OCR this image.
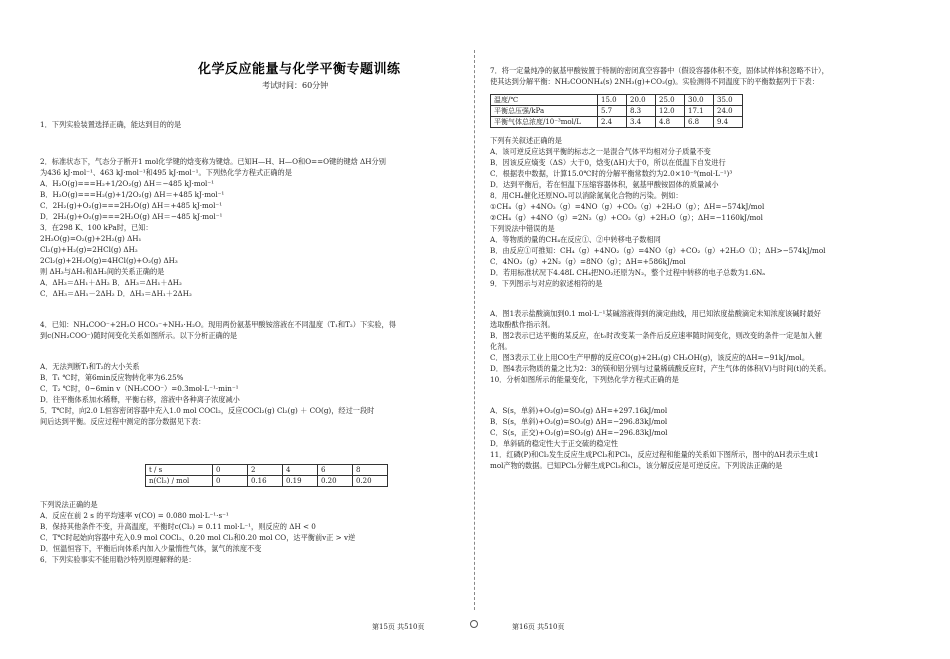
化学反应能量与化学平衡专题训练
考试时间：60分钟
1．下列实验装置选择正确，能达到目的的是
2．标准状态下，气态分子断开1 mol化学键的焓变称为键焓。已知H—H、H—O和O==O键的键焓 ΔH分别
为436 kJ·mol⁻¹、463 kJ·mol⁻¹和495 kJ·mol⁻¹。下列热化学方程式正确的是
A．H₂O(g)===H₂+1/2O₂(g) ΔH＝−485 kJ·mol⁻¹
B．H₂O(g)===H₂(g)+1/2O₂(g) ΔH＝+485 kJ·mol⁻¹
C．2H₂(g)+O₂(g)===2H₂O(g) ΔH＝+485 kJ·mol⁻¹
D．2H₂(g)+O₂(g)===2H₂O(g) ΔH＝−485 kJ·mol⁻¹
3．在298 K、100 kPa时，已知：
2H₂O(g)=O₂(g)+2H₂(g) ΔH₁
Cl₂(g)+H₂(g)=2HCl(g) ΔH₂
2Cl₂(g)+2H₂O(g)=4HCl(g)+O₂(g) ΔH₃
则 ΔH₃与ΔH₁和ΔH₂间的关系正确的是
A．ΔH₃＝ΔH₁＋ΔH₂ B．ΔH₃＝ΔH₁＋ΔH₂
C．ΔH₃＝ΔH₁－2ΔH₂ D．ΔH₃＝ΔH₁＋2ΔH₂
4．已知：NH₄COO⁻+2H₂O HCO₃⁻+NH₃·H₂O。现用两份氨基甲酸铵溶液在不同温度（T₁和T₂）下实验，得
到c(NH₂COO⁻)随时间变化关系如图所示。以下分析正确的是
A．无法判断T₁和T₂的大小关系
B．T₁ ℃时，第6min反应物转化率为6.25%
C．T₂ ℃时，0~6min v（NH₂COO⁻）=0.3mol·L⁻¹·min⁻¹
D．往平衡体系加水稀释，平衡右移，溶液中各种离子浓度减小
5．T℃时，向2.0 L恒容密闭容器中充入1.0 mol COCl₂，反应COCl₂(g) Cl₂(g) ＋ CO(g)，经过一段时
间后达到平衡。反应过程中测定的部分数据见下表：
下列说法正确的是
A．反应在前 2 s 的平均速率 v(CO) = 0.080 mol·L⁻¹·s⁻¹
B．保持其他条件不变，升高温度，平衡时c(Cl₂) = 0.11 mol·L⁻¹，则反应的 ΔH < 0
C．T℃时起始向容器中充入0.9 mol COCl₂、0.20 mol Cl₂和0.20 mol CO，达平衡前v正 > v逆
D．恒温恒容下，平衡后向体系内加入少量惰性气体，氯气的浓度不变
6．下列实验事实不能用勒沙特列原理解释的是：
t / s	0	2	4	6	8
n(Cl₂) / mol	0	0.16	0.19	0.20	0.20
7．将一定量纯净的氨基甲酸铵置于特制的密闭真空容器中（假设容器体积不变，固体试样体积忽略不计），
使其达到分解平衡：NH₂COONH₄(s) 2NH₃(g)+CO₂(g)。实验测得不同温度下的平衡数据列于下表：
下列有关叙述正确的是
A．该可逆反应达到平衡的标志之一是混合气体平均相对分子质量不变
B．因该反应熵变（ΔS）大于0，焓变(ΔH)大于0，所以在低温下自发进行
C．根据表中数据，计算15.0℃时的分解平衡常数约为2.0×10⁻⁹(mol·L⁻¹)³
D．达到平衡后，若在恒温下压缩容器体积，氨基甲酸铵固体的质量减小
8．用CH₄催化还原NOₓ可以消除氮氧化合物的污染。例如：
①CH₄（g）+4NO₂（g）=4NO（g）+CO₂（g）+2H₂O（g）；ΔH=−574kJ/mol
②CH₄（g）+4NO（g）=2N₂（g）+CO₂（g）+2H₂O（g）；ΔH=−1160kJ/mol
下列说法中错误的是
A．等物质的量的CH₄在反应①、②中转移电子数相同
B．由反应①可推知：CH₄（g）+4NO₂（g）=4NO（g）+CO₂（g）+2H₂O（l）；ΔH>−574kJ/mol
C．4NO₂（g）+2N₂（g）=8NO（g）；ΔH=+586kJ/mol
D．若用标准状况下4.48L CH₄把NO₂还原为N₂，整个过程中转移的电子总数为1.6Nₐ
9．下列图示与对应的叙述相符的是
A．图1表示盐酸滴加到0.1 mol·L⁻¹某碱溶液得到的滴定曲线，用已知浓度盐酸滴定未知浓度该碱时最好
选取酚酞作指示剂。
B．图2表示已达平衡的某反应，在t₀时改变某一条件后反应速率随时间变化，则改变的条件一定是加入催
化剂。
C．图3表示工业上用CO生产甲醇的反应CO(g)+2H₂(g) CH₃OH(g)，该反应的ΔH=−91kJ/mol。
D．图4表示物质的量之比为2：3的镁和铝分别与过量稀硫酸反应时，产生气体的体积(V)与时间(t)的关系。
10．分析如图所示的能量变化，下列热化学方程式正确的是
A．S(s，单斜)+O₂(g)=SO₂(g) ΔH=+297.16kJ/mol
B．S(s，单斜)+O₂(g)=SO₂(g) ΔH=−296.83kJ/mol
C．S(s，正交)+O₂(g)=SO₂(g) ΔH=−296.83kJ/mol
D．单斜硫的稳定性大于正交硫的稳定性
11．红磷(P)和Cl₂发生反应生成PCl₃和PCl₅，反应过程和能量的关系如下图所示，图中的ΔH表示生成1
mol产物的数据。已知PCl₅分解生成PCl₃和Cl₂，该分解反应是可逆反应。下列说法正确的是
温度/℃	15.0	20.0	25.0	30.0	35.0
平衡总压强/kPa	5.7	8.3	12.0	17.1	24.0
平衡气体总浓度/10⁻³mol/L	2.4	3.4	4.8	6.8	9.4
第15页 共510页	第16页 共510页
